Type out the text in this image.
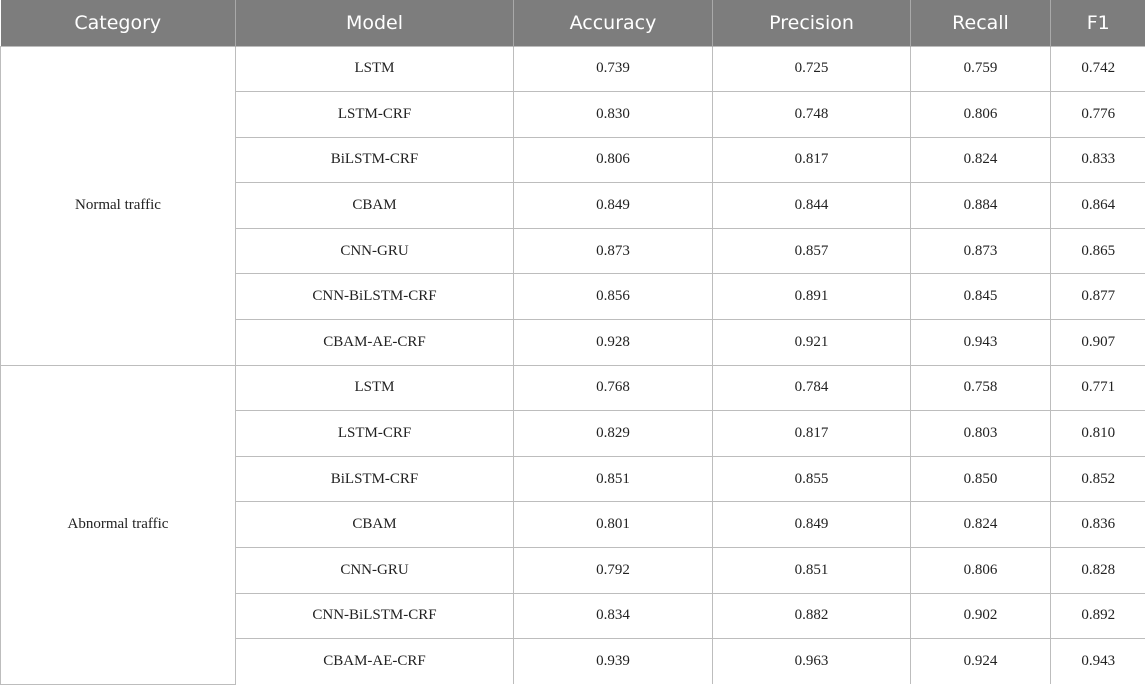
Category	Model	Accuracy	Precision	Recall	F1
Normal traffic	LSTM	0.739	0.725	0.759	0.742
	LSTM-CRF	0.830	0.748	0.806	0.776
	BiLSTM-CRF	0.806	0.817	0.824	0.833
	CBAM	0.849	0.844	0.884	0.864
	CNN-GRU	0.873	0.857	0.873	0.865
	CNN-BiLSTM-CRF	0.856	0.891	0.845	0.877
	CBAM-AE-CRF	0.928	0.921	0.943	0.907
Abnormal traffic	LSTM	0.768	0.784	0.758	0.771
	LSTM-CRF	0.829	0.817	0.803	0.810
	BiLSTM-CRF	0.851	0.855	0.850	0.852
	CBAM	0.801	0.849	0.824	0.836
	CNN-GRU	0.792	0.851	0.806	0.828
	CNN-BiLSTM-CRF	0.834	0.882	0.902	0.892
	CBAM-AE-CRF	0.939	0.963	0.924	0.943
